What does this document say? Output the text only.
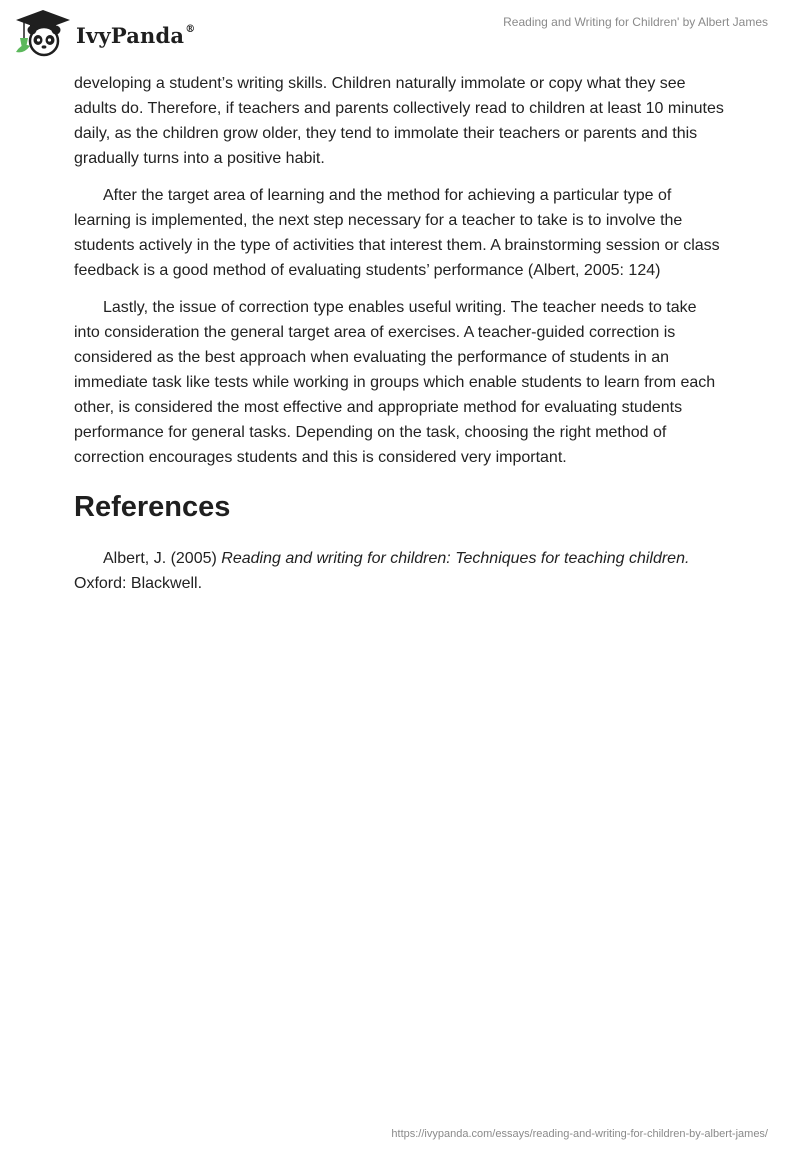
IvyPanda®	Reading and Writing for Children' by Albert James

developing a student’s writing skills. Children naturally immolate or copy what they see adults do. Therefore, if teachers and parents collectively read to children at least 10 minutes daily, as the children grow older, they tend to immolate their teachers or parents and this gradually turns into a positive habit.

After the target area of learning and the method for achieving a particular type of learning is implemented, the next step necessary for a teacher to take is to involve the students actively in the type of activities that interest them. A brainstorming session or class feedback is a good method of evaluating students’ performance (Albert, 2005: 124)

Lastly, the issue of correction type enables useful writing. The teacher needs to take into consideration the general target area of exercises. A teacher-guided correction is considered as the best approach when evaluating the performance of students in an immediate task like tests while working in groups which enable students to learn from each other, is considered the most effective and appropriate method for evaluating students performance for general tasks. Depending on the task, choosing the right method of correction encourages students and this is considered very important.

References

Albert, J. (2005) Reading and writing for children: Techniques for teaching children. Oxford: Blackwell.

https://ivypanda.com/essays/reading-and-writing-for-children-by-albert-james/
